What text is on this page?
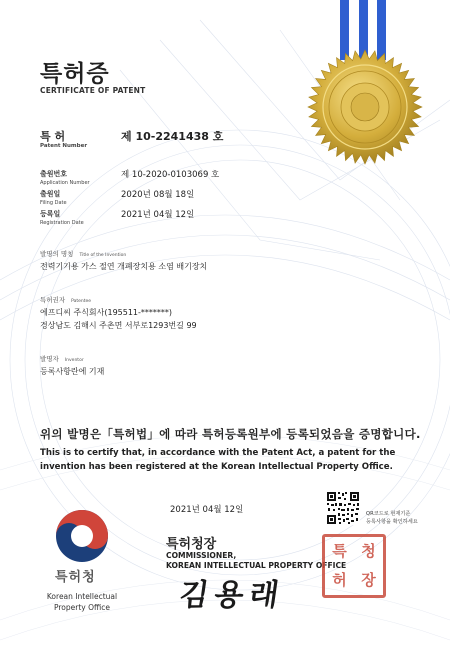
특허증
CERTIFICATE OF PATENT
특 허
Patent Number
제 10-2241438 호
출원번호
Application Number
제 10-2020-0103069 호
출원일
Filing Date
2020년 08월 18일
등록일
Registration Date
2021년 04월 12일
발명의 명칭 Title of the Invention
전력기기용 가스 절연 개폐장치용 소염 배기장치
특허권자 Patentee
에프디씨 주식회사(195511-*******)
경상남도 김해시 주촌면 서부로1293번길 99
발명자 Inventor
등록사항란에 기재
위의 발명은「특허법」에 따라 특허등록원부에 등록되었음을 증명합니다.
This is to certify that, in accordance with the Patent Act, a patent for the invention has been registered at the Korean Intellectual Property Office.
2021년 04월 12일	QR코드로 현재기준
등록사항을 확인하세요
특허청
Korean Intellectual
Property Office
특허청장
COMMISSIONER,
KOREAN INTELLECTUAL PROPERTY OFFICE
김용래
특 청
허 장
